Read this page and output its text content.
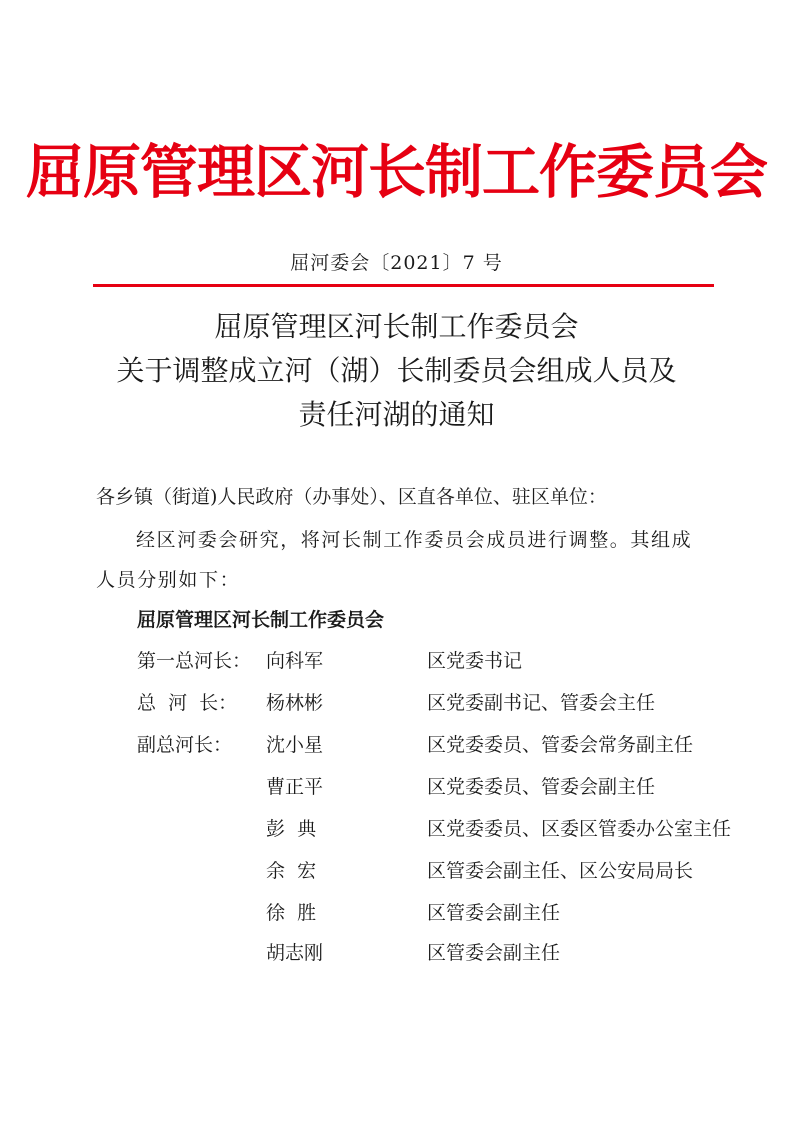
屈原管理区河长制工作委员会
屈河委会〔2021〕7 号
屈原管理区河长制工作委员会
关于调整成立河（湖）长制委员会组成人员及
责任河湖的通知
各乡镇（街道)人民政府（办事处）、区直各单位、驻区单位：
经区河委会研究，将河长制工作委员会成员进行调整。其组成人员分别如下：
屈原管理区河长制工作委员会
第一总河长： 向科军	区党委书记
总  河  长： 杨林彬	区党委副书记、管委会主任
副总河长： 沈小星	区党委委员、管委会常务副主任
曹正平	区党委委员、管委会副主任
彭  典	区党委委员、区委区管委办公室主任
余  宏	区管委会副主任、区公安局局长
徐  胜	区管委会副主任
胡志刚	区管委会副主任
